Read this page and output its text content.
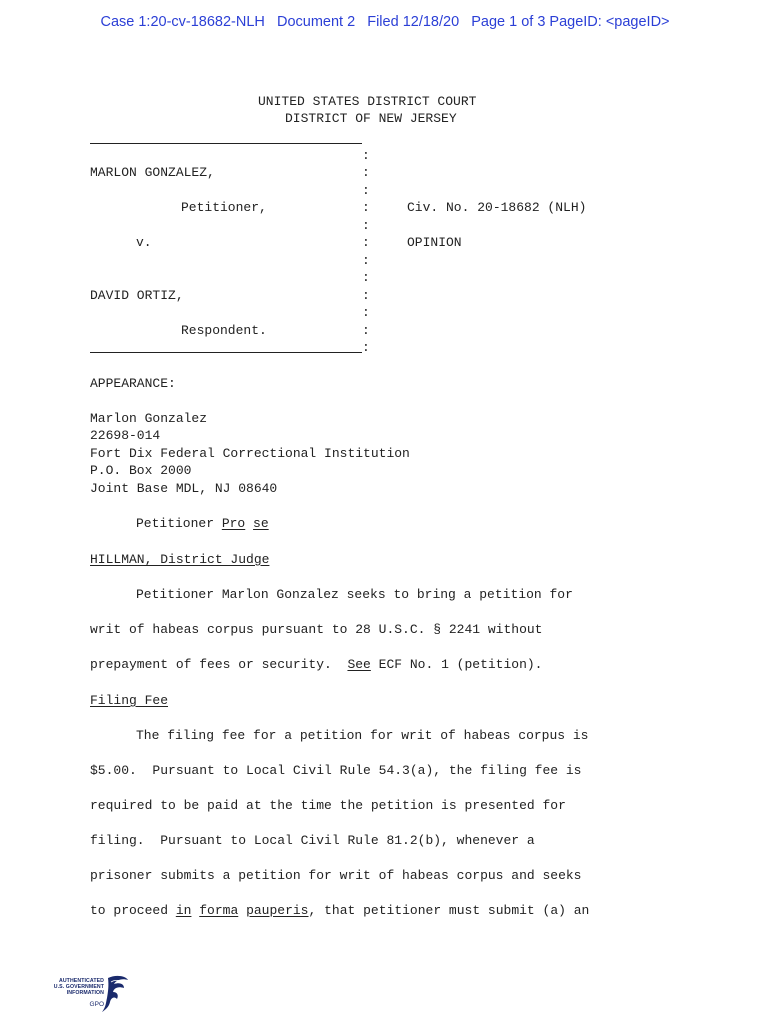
Case 1:20-cv-18682-NLH   Document 2   Filed 12/18/20   Page 1 of 3 PageID: <pageID>
UNITED STATES DISTRICT COURT
DISTRICT OF NEW JERSEY
:
:
:
:
:
:
:
:
:
:
:
:
MARLON GONZALEZ,
Petitioner,	Civ. No. 20-18682 (NLH)
v.	OPINION
DAVID ORTIZ,
Respondent.
APPEARANCE:
Marlon Gonzalez
22698-014
Fort Dix Federal Correctional Institution
P.O. Box 2000
Joint Base MDL, NJ 08640
Petitioner Pro se
HILLMAN, District Judge
Petitioner Marlon Gonzalez seeks to bring a petition for
writ of habeas corpus pursuant to 28 U.S.C. § 2241 without
prepayment of fees or security.  See ECF No. 1 (petition).
Filing Fee
The filing fee for a petition for writ of habeas corpus is
$5.00.  Pursuant to Local Civil Rule 54.3(a), the filing fee is
required to be paid at the time the petition is presented for
filing.  Pursuant to Local Civil Rule 81.2(b), whenever a
prisoner submits a petition for writ of habeas corpus and seeks
to proceed in forma pauperis, that petitioner must submit (a) an
AUTHENTICATED
U.S. GOVERNMENT
INFORMATION
GPO
